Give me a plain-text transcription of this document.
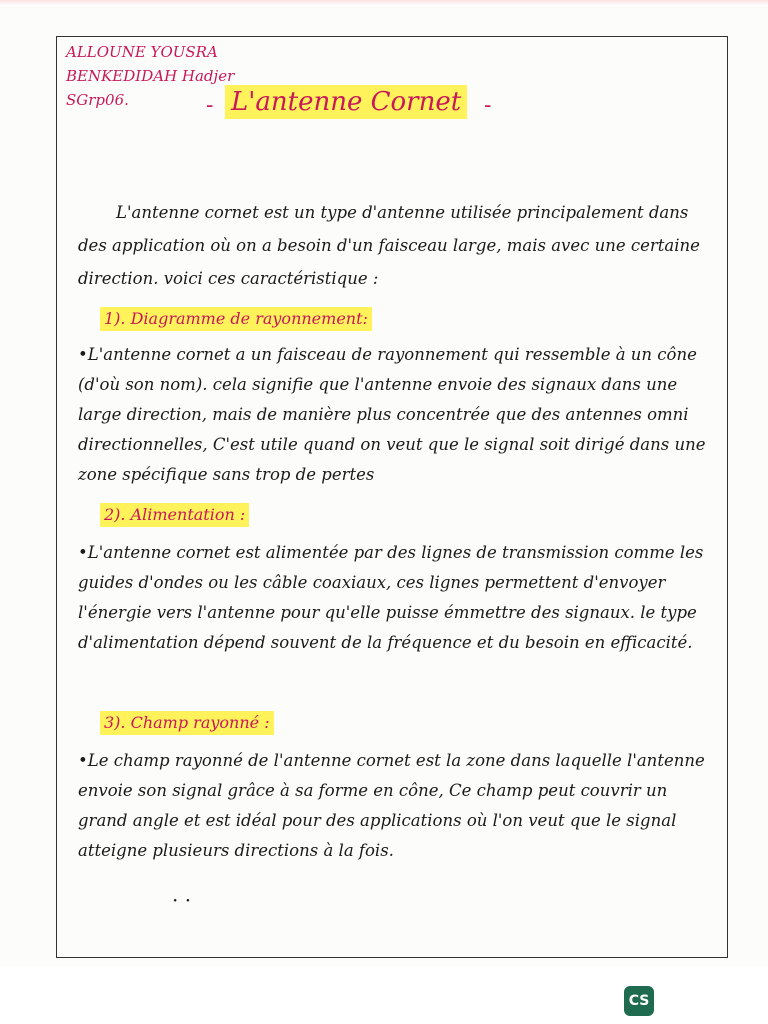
ALLOUNE YOUSRA
BENKEDIDAH Hadjer
SGrp06.	- L'antenne Cornet -
L'antenne cornet est un type d'antenne utilisée principalement dans des application où on a besoin d'un faisceau large, mais avec une certaine direction. voici ces caractéristique :
1). Diagramme de rayonnement:
•L'antenne cornet a un faisceau de rayonnement qui ressemble à un cône (d'où son nom). cela signifie que l'antenne envoie des signaux dans une large direction, mais de manière plus concentrée que des antennes omni directionnelles, C'est utile quand on veut que le signal soit dirigé dans une zone spécifique sans trop de pertes
2). Alimentation :
•L'antenne cornet est alimentée par des lignes de transmission comme les guides d'ondes ou les câble coaxiaux, ces lignes permettent d'envoyer l'énergie vers l'antenne pour qu'elle puisse émmettre des signaux. le type d'alimentation dépend souvent de la fréquence et du besoin en efficacité.
3). Champ rayonné :
•Le champ rayonné de l'antenne cornet est la zone dans laquelle l'antenne envoie son signal grâce à sa forme en cône, Ce champ peut couvrir un grand angle et est idéal pour des applications où l'on veut que le signal atteigne plusieurs directions à la fois.
· ·
CS
